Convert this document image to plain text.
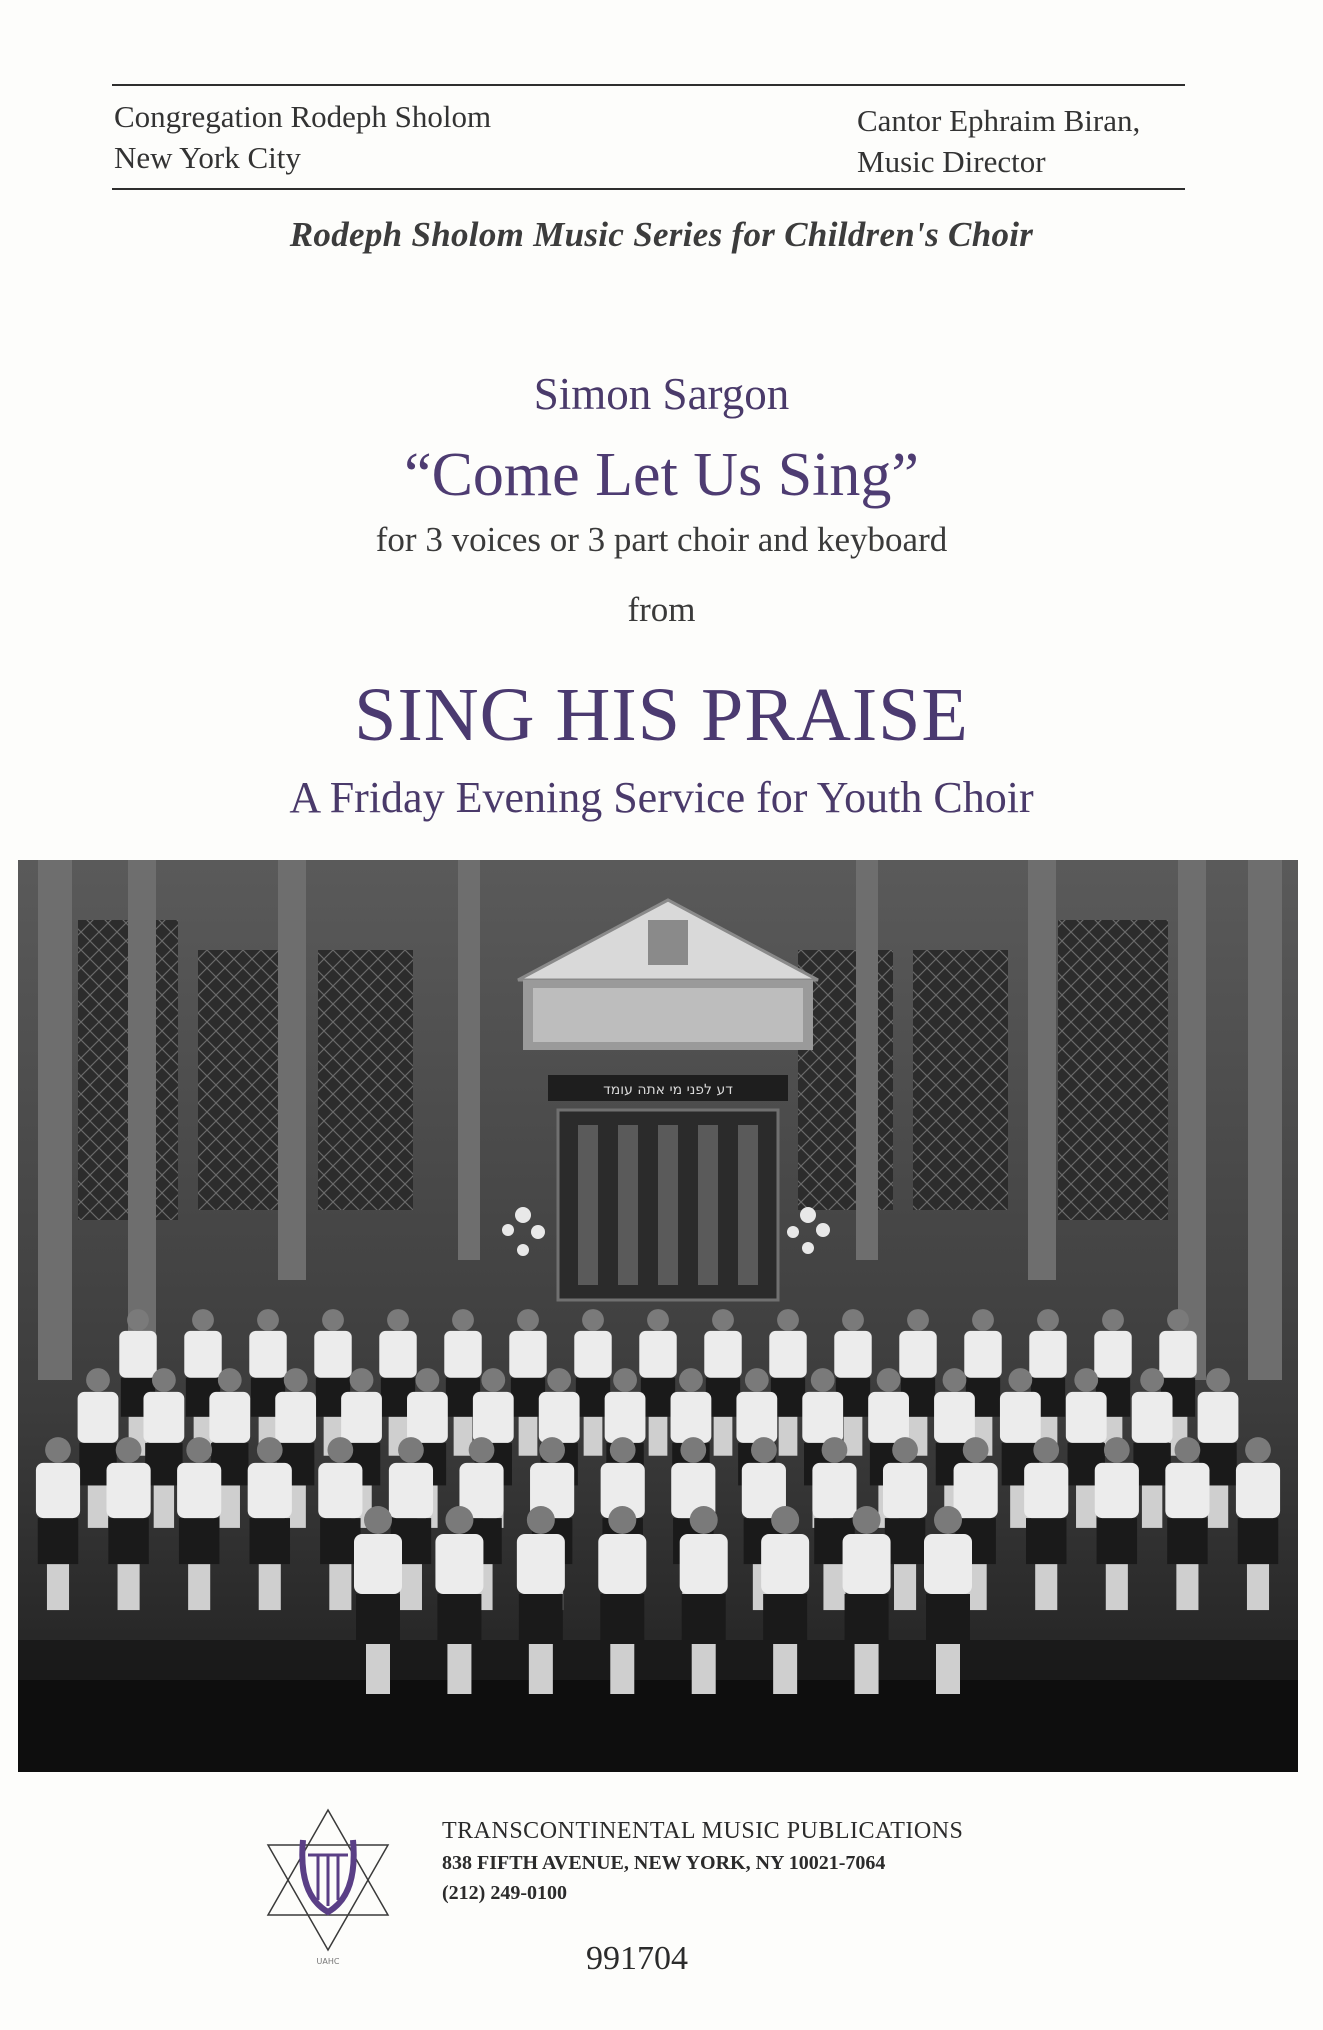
Congregation Rodeph Sholom
New York City
Cantor Ephraim Biran,
Music Director
Rodeph Sholom Music Series for Children's Choir
Simon Sargon
“Come Let Us Sing”
for 3 voices or 3 part choir and keyboard
from
SING HIS PRAISE
A Friday Evening Service for Youth Choir
דע לפני מי אתה עומד
UAHC
TRANSCONTINENTAL MUSIC PUBLICATIONS
838 FIFTH AVENUE, NEW YORK, NY 10021-7064
(212) 249-0100
991704
